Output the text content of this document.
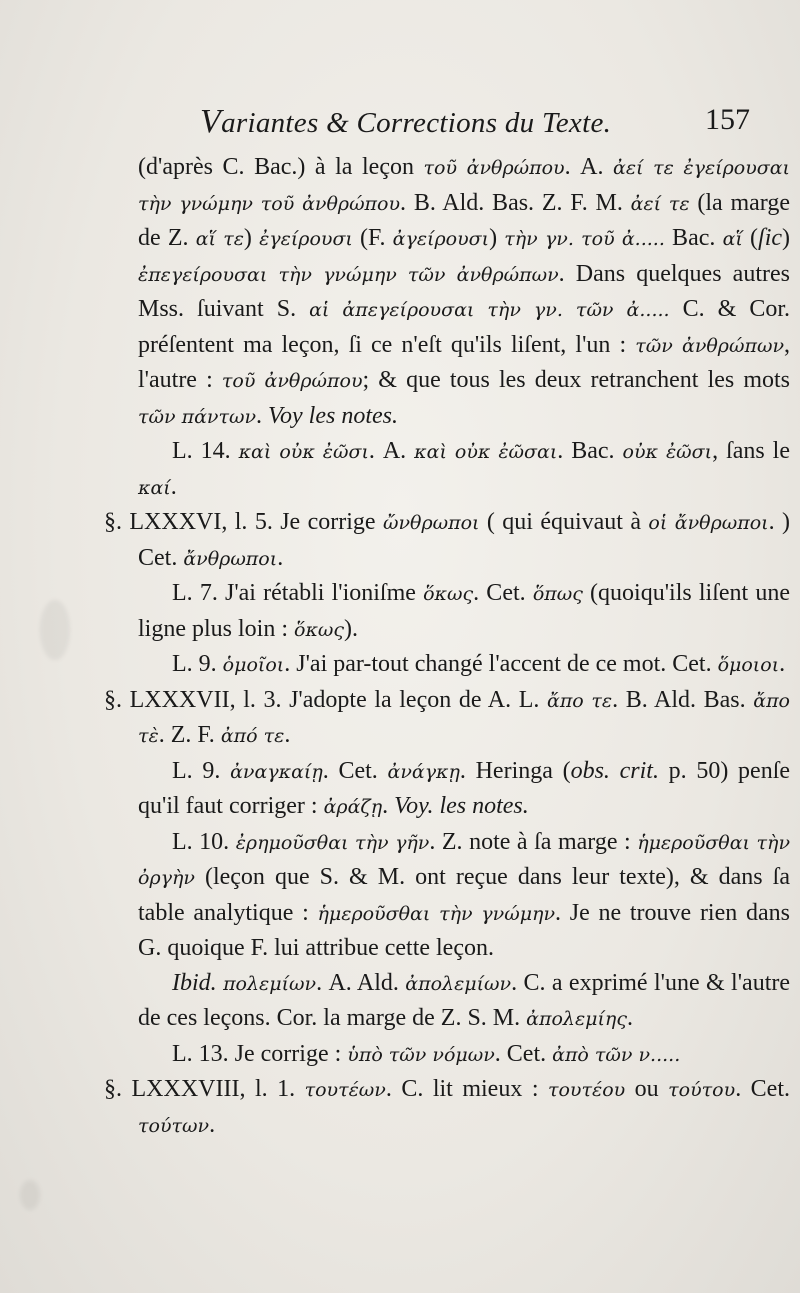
Variantes & Corrections du Texte.	157

(d'après C. Bac.) à la leçon τοῦ ἀνθρώπου. A. ἀεί τε ἐγείρουσαι τὴν γνώμην τοῦ ἀνθρώπου. B. Ald. Bas. Z. F. M. ἀεί τε (la marge de Z. αἵ τε) ἐγείρουσι (F. ἀγείρουσι) τὴν γν. τοῦ ἀ..... Bac. αἵ (ſic) ἐπεγείρουσαι τὴν γνώμην τῶν ἀνθρώπων. Dans quelques autres Mss. ſuivant S. αἱ ἀπεγείρουσαι τὴν γν. τῶν ἀ..... C. & Cor. préſentent ma leçon, ſi ce n'eſt qu'ils liſent, l'un : τῶν ἀνθρώπων, l'autre : τοῦ ἀνθρώπου; & que tous les deux retranchent les mots τῶν πάντων. Voy les notes.

L. 14. καὶ οὐκ ἐῶσι. A. καὶ οὐκ ἐῶσαι. Bac. οὐκ ἐῶσι, ſans le καί.

§. LXXXVI, l. 5. Je corrige ὤνθρωποι ( qui équivaut à οἱ ἄνθρωποι. ) Cet. ἄνθρωποι.

L. 7. J'ai rétabli l'ioniſme ὅκως. Cet. ὅπως (quoiqu'ils liſent une ligne plus loin : ὅκως).

L. 9. ὁμοῖοι. J'ai par-tout changé l'accent de ce mot. Cet. ὅμοιοι.

§. LXXXVII, l. 3. J'adopte la leçon de A. L. ἄπο τε. B. Ald. Bas. ἄπο τὲ. Z. F. ἀπό τε.

L. 9. ἀναγκαίῃ. Cet. ἀνάγκῃ. Heringa (obs. crit. p. 50) penſe qu'il faut corriger : ἀράζῃ. Voy. les notes.

L. 10. ἐρημοῦσθαι τὴν γῆν. Z. note à ſa marge : ἡμεροῦσθαι τὴν ὀργὴν (leçon que S. & M. ont reçue dans leur texte), & dans ſa table analytique : ἡμεροῦσθαι τὴν γνώμην. Je ne trouve rien dans G. quoique F. lui attribue cette leçon.

Ibid. πολεμίων. A. Ald. ἀπολεμίων. C. a exprimé l'une & l'autre de ces leçons. Cor. la marge de Z. S. M. ἀπολεμίης.

L. 13. Je corrige : ὑπὸ τῶν νόμων. Cet. ἀπὸ τῶν ν.....

§. LXXXVIII, l. 1. τουτέων. C. lit mieux : τουτέου ou τούτου. Cet. τούτων.
